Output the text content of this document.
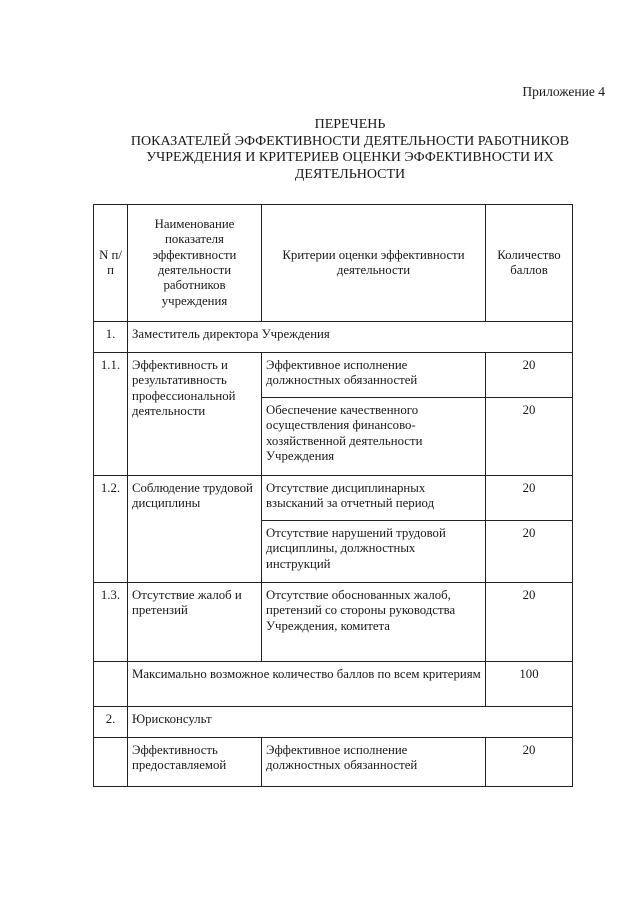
Приложение 4
ПЕРЕЧЕНЬ
ПОКАЗАТЕЛЕЙ ЭФФЕКТИВНОСТИ ДЕЯТЕЛЬНОСТИ РАБОТНИКОВ
УЧРЕЖДЕНИЯ И КРИТЕРИЕВ ОЦЕНКИ ЭФФЕКТИВНОСТИ ИХ
ДЕЯТЕЛЬНОСТИ
N п/п	Наименование показателя эффективности деятельности работников учреждения	Критерии оценки эффективности деятельности	Количество баллов
1.	Заместитель директора Учреждения		
1.1.	Эффективность и результативность профессиональной деятельности	Эффективное исполнение должностных обязанностей	20
		Обеспечение качественного осуществления финансово-хозяйственной деятельности Учреждения	20
1.2.	Соблюдение трудовой дисциплины	Отсутствие дисциплинарных взысканий за отчетный период	20
		Отсутствие нарушений трудовой дисциплины, должностных инструкций	20
1.3.	Отсутствие жалоб и претензий	Отсутствие обоснованных жалоб, претензий со стороны руководства Учреждения, комитета	20
	Максимально возможное количество баллов по всем критериям		100
2.	Юрисконсульт		
	Эффективность предоставляемой	Эффективное исполнение должностных обязанностей	20
